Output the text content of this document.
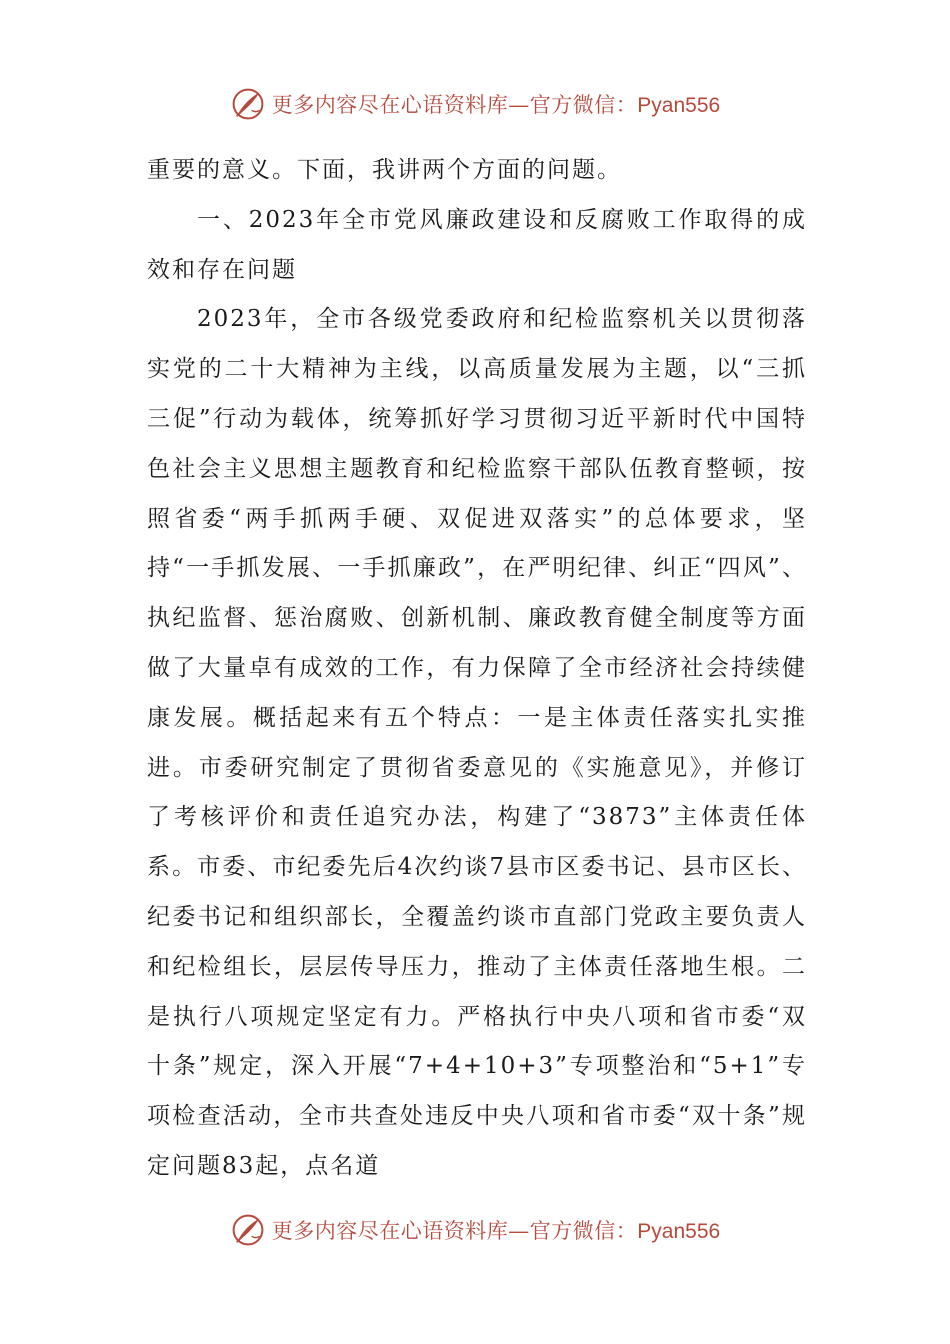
更多内容尽在心语资料库—官方微信：Pyan556

重要的意义。下面，我讲两个方面的问题。

一、2023年全市党风廉政建设和反腐败工作取得的成效和存在问题

2023年，全市各级党委政府和纪检监察机关以贯彻落实党的二十大精神为主线，以高质量发展为主题，以“三抓三促”行动为载体，统筹抓好学习贯彻习近平新时代中国特色社会主义思想主题教育和纪检监察干部队伍教育整顿，按照省委“两手抓两手硬、双促进双落实”的总体要求，坚持“一手抓发展、一手抓廉政”，在严明纪律、纠正“四风”、执纪监督、惩治腐败、创新机制、廉政教育健全制度等方面做了大量卓有成效的工作，有力保障了全市经济社会持续健康发展。概括起来有五个特点：一是主体责任落实扎实推进。市委研究制定了贯彻省委意见的《实施意见》，并修订了考核评价和责任追究办法，构建了“3873”主体责任体系。市委、市纪委先后4次约谈7县市区委书记、县市区长、纪委书记和组织部长，全覆盖约谈市直部门党政主要负责人和纪检组长，层层传导压力，推动了主体责任落地生根。二是执行八项规定坚定有力。严格执行中央八项和省市委“双十条”规定，深入开展“7+4+10+3”专项整治和“5+1”专项检查活动，全市共查处违反中央八项和省市委“双十条”规定问题83起，点名道

更多内容尽在心语资料库—官方微信：Pyan556
